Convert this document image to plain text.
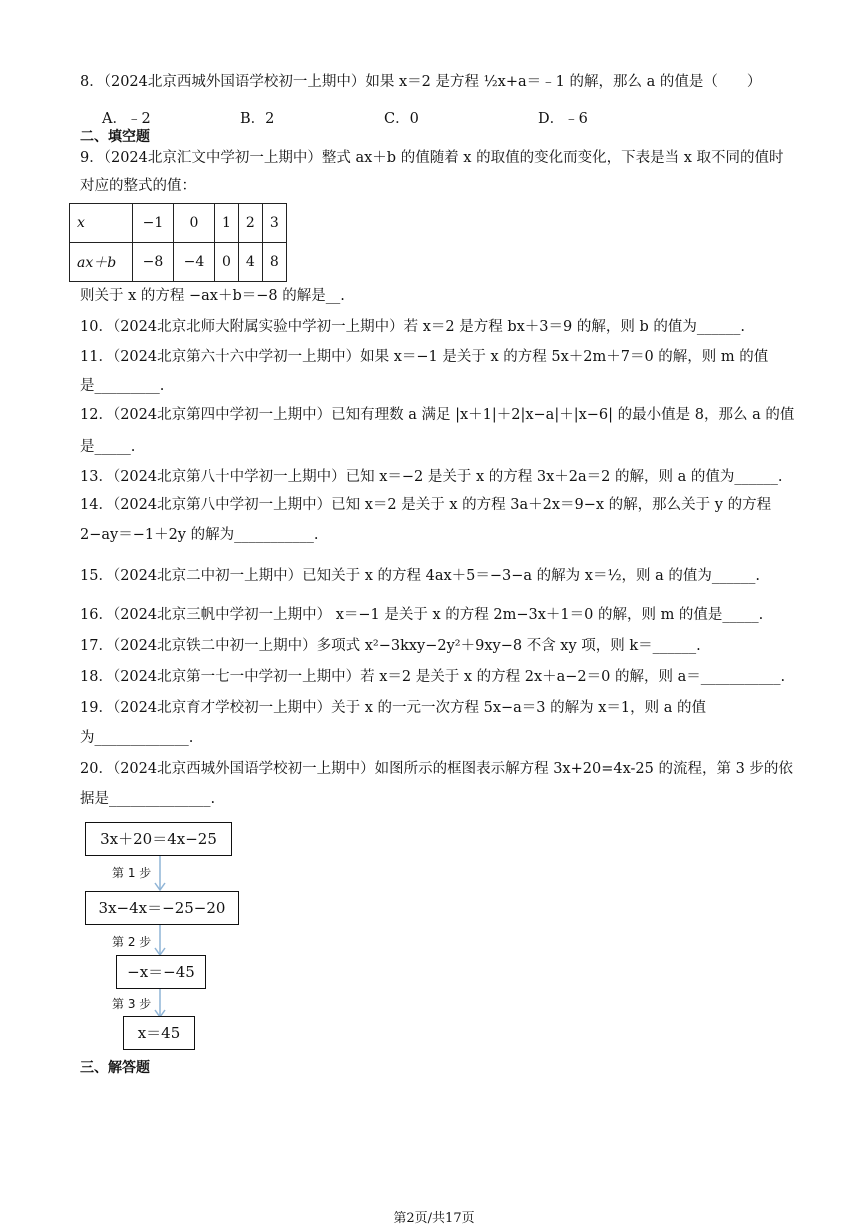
8．（2024北京西城外国语学校初一上期中）如果 x＝2 是方程 ½x+a＝﹣1 的解，那么 a 的值是（　　）
A．﹣2	B．2	C．0	D．﹣6
二、填空题
9．（2024北京汇文中学初一上期中）整式 ax＋b 的值随着 x 的取值的变化而变化，下表是当 x 取不同的值时
对应的整式的值：
x	−1	0	1	2	3
ax＋b	−8	−4	0	4	8
则关于 x 的方程 −ax＋b＝−8 的解是__.
10．（2024北京北师大附属实验中学初一上期中）若 x＝2 是方程 bx＋3＝9 的解，则 b 的值为______.
11．（2024北京第六十六中学初一上期中）如果 x＝−1 是关于 x 的方程 5x＋2m＋7＝0 的解，则 m 的值
是_________.
12．（2024北京第四中学初一上期中）已知有理数 a 满足 |x＋1|＋2|x−a|＋|x−6| 的最小值是 8，那么 a 的值
是_____.
13．（2024北京第八十中学初一上期中）已知 x＝−2 是关于 x 的方程 3x＋2a＝2 的解，则 a 的值为______.
14．（2024北京第八中学初一上期中）已知 x＝2 是关于 x 的方程 3a＋2x＝9−x 的解，那么关于 y 的方程
2−ay＝−1＋2y 的解为___________.
15．（2024北京二中初一上期中）已知关于 x 的方程 4ax＋5＝−3−a 的解为 x＝½，则 a 的值为______.
16．（2024北京三帆中学初一上期中） x＝−1 是关于 x 的方程 2m−3x＋1＝0 的解，则 m 的值是_____.
17．（2024北京铁二中初一上期中）多项式 x²−3kxy−2y²＋9xy−8 不含 xy 项，则 k＝______.
18．（2024北京第一七一中学初一上期中）若 x＝2 是关于 x 的方程 2x＋a−2＝0 的解，则 a＝___________.
19．（2024北京育才学校初一上期中）关于 x 的一元一次方程 5x−a＝3 的解为 x＝1，则 a 的值
为_____________.
20．（2024北京西城外国语学校初一上期中）如图所示的框图表示解方程 3x+20=4x-25 的流程，第 3 步的依
据是______________.
3x＋20＝4x−25
第 1 步
3x−4x＝−25−20
第 2 步
−x＝−45
第 3 步
x＝45
三、解答题
第2页/共17页
